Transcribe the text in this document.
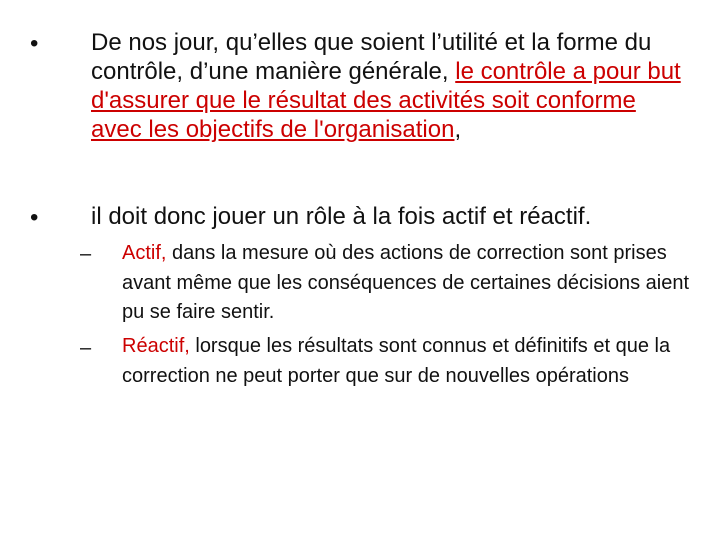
• De nos jour, qu’elles que soient l’utilité et la forme du contrôle, d’une manière générale, le contrôle a pour but d'assurer que le résultat des activités soit conforme avec les objectifs de l'organisation,
• il doit donc jouer un rôle à la fois actif et réactif.
– Actif, dans la mesure où des actions de correction sont prises avant même que les conséquences de certaines décisions aient pu se faire sentir.
– Réactif, lorsque les résultats sont connus et définitifs et que la correction ne peut porter que sur de nouvelles opérations
